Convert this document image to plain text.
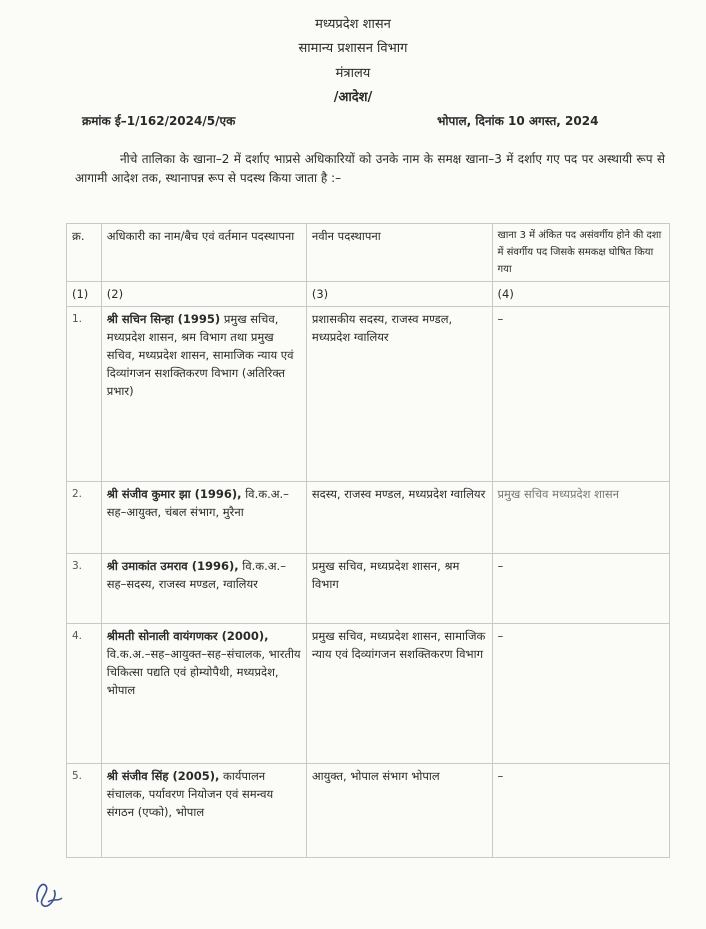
मध्यप्रदेश शासन
सामान्य प्रशासन विभाग
मंत्रालय
/आदेश/
क्रमांक ई–1/162/2024/5/एक	भोपाल, दिनांक 10 अगस्त, 2024
नीचे तालिका के खाना–2 में दर्शाए भाप्रसे अधिकारियों को उनके नाम के समक्ष खाना–3 में दर्शाए गए पद पर अस्थायी रूप से आगामी आदेश तक, स्थानापन्न रूप से पदस्थ किया जाता है :–
क्र.	अधिकारी का नाम/बैच एवं वर्तमान पदस्थापना	नवीन पदस्थापना	खाना 3 में अंकित पद असंवर्गीय होने की दशा में संवर्गीय पद जिसके समकक्ष घोषित किया गया
(1)	(2)	(3)	(4)
1.	श्री सचिन सिन्हा (1995) प्रमुख सचिव, मध्यप्रदेश शासन, श्रम विभाग तथा प्रमुख सचिव, मध्यप्रदेश शासन, सामाजिक न्याय एवं दिव्यांगजन सशक्तिकरण विभाग (अतिरिक्त प्रभार)	प्रशासकीय सदस्य, राजस्व मण्डल, मध्यप्रदेश ग्वालियर	–
2.	श्री संजीव कुमार झा (1996), वि.क.अ.–सह–आयुक्त, चंबल संभाग, मुरैना	सदस्य, राजस्व मण्डल, मध्यप्रदेश ग्वालियर	प्रमुख सचिव मध्यप्रदेश शासन
3.	श्री उमाकांत उमराव (1996), वि.क.अ.–सह–सदस्य, राजस्व मण्डल, ग्वालियर	प्रमुख सचिव, मध्यप्रदेश शासन, श्रम विभाग	–
4.	श्रीमती सोनाली वायंगणकर (2000), वि.क.अ.–सह–आयुक्त–सह–संचालक, भारतीय चिकित्सा पद्यति एवं होम्योपैथी, मध्यप्रदेश, भोपाल	प्रमुख सचिव, मध्यप्रदेश शासन, सामाजिक न्याय एवं दिव्यांगजन सशक्तिकरण विभाग	–
5.	श्री संजीव सिंह (2005), कार्यपालन संचालक, पर्यावरण नियोजन एवं समन्वय संगठन (एप्को), भोपाल	आयुक्त, भोपाल संभाग भोपाल	–
